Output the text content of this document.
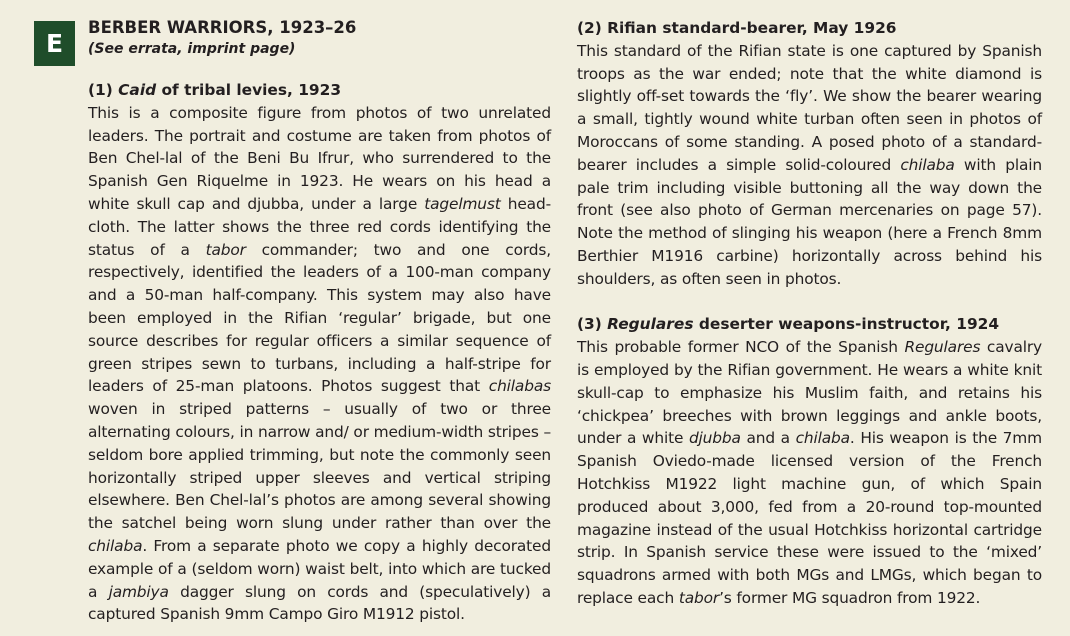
E
BERBER WARRIORS, 1923–26

(See errata, imprint page)

(1) Caid of tribal levies, 1923

This is a composite figure from photos of two unrelated leaders. The portrait and costume are taken from photos of Ben Chel-lal of the Beni Bu Ifrur, who surrendered to the Spanish Gen Riquelme in 1923. He wears on his head a white skull cap and djubba, under a large tagelmust head-cloth. The latter shows the three red cords identifying the status of a tabor commander; two and one cords, respectively, identified the leaders of a 100-man company and a 50-man half-company. This system may also have been employed in the Rifian ‘regular’ brigade, but one source describes for regular officers a similar sequence of green stripes sewn to turbans, including a half-stripe for leaders of 25-man platoons. Photos suggest that chilabas woven in striped patterns – usually of two or three alternating colours, in narrow and/ or medium-width stripes – seldom bore applied trimming, but note the commonly seen horizontally striped upper sleeves and vertical striping elsewhere. Ben Chel-lal’s photos are among several showing the satchel being worn slung under rather than over the chilaba. From a separate photo we copy a highly decorated example of a (seldom worn) waist belt, into which are tucked a jambiya dagger slung on cords and (speculatively) a captured Spanish 9mm Campo Giro M1912 pistol.

(2) Rifian standard-bearer, May 1926

This standard of the Rifian state is one captured by Spanish troops as the war ended; note that the white diamond is slightly off-set towards the ‘fly’. We show the bearer wearing a small, tightly wound white turban often seen in photos of Moroccans of some standing. A posed photo of a standard-bearer includes a simple solid-coloured chilaba with plain pale trim including visible buttoning all the way down the front (see also photo of German mercenaries on page 57). Note the method of slinging his weapon (here a French 8mm Berthier M1916 carbine) horizontally across behind his shoulders, as often seen in photos.

(3) Regulares deserter weapons-instructor, 1924

This probable former NCO of the Spanish Regulares cavalry is employed by the Rifian government. He wears a white knit skull-cap to emphasize his Muslim faith, and retains his ‘chickpea’ breeches with brown leggings and ankle boots, under a white djubba and a chilaba. His weapon is the 7mm Spanish Oviedo-made licensed version of the French Hotchkiss M1922 light machine gun, of which Spain produced about 3,000, fed from a 20-round top-mounted magazine instead of the usual Hotchkiss horizontal cartridge strip. In Spanish service these were issued to the ‘mixed’ squadrons armed with both MGs and LMGs, which began to replace each tabor’s former MG squadron from 1922.
